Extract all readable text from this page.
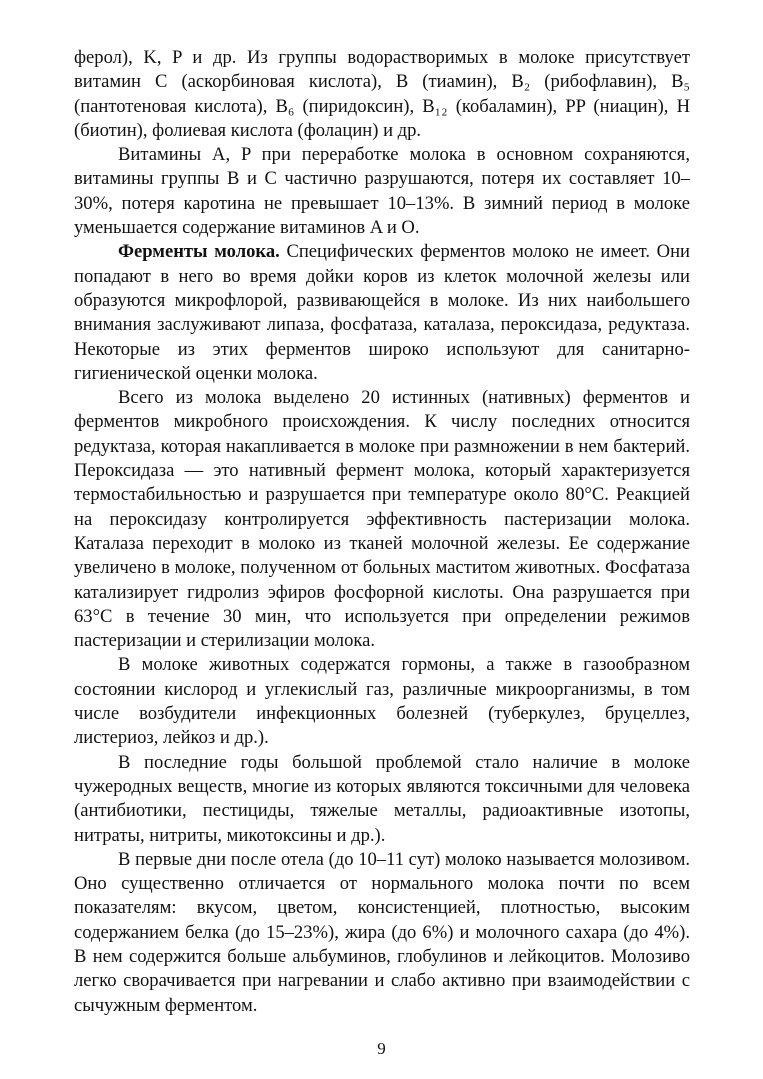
ферол), K, P и др. Из группы водорастворимых в молоке присутствует витамин C (аскорбиновая кислота), B (тиамин), B₂ (рибофлавин), B₅ (пантотеновая кислота), B₆ (пиридоксин), B₁₂ (кобаламин), PP (ниацин), H (биотин), фолиевая кислота (фолацин) и др.

Витамины A, P при переработке молока в основном сохраняются, витамины группы B и C частично разрушаются, потеря их составляет 10–30%, потеря каротина не превышает 10–13%. В зимний период в молоке уменьшается содержание витаминов A и O.

Ферменты молока. Специфических ферментов молоко не имеет. Они попадают в него во время дойки коров из клеток молочной железы или образуются микрофлорой, развивающейся в молоке. Из них наибольшего внимания заслуживают липаза, фосфатаза, каталаза, пероксидаза, редуктаза. Некоторые из этих ферментов широко используют для санитарно-гигиенической оценки молока.

Всего из молока выделено 20 истинных (нативных) ферментов и ферментов микробного происхождения. К числу последних относится редуктаза, которая накапливается в молоке при размножении в нем бактерий. Пероксидаза — это нативный фермент молока, который характеризуется термостабильностью и разрушается при температуре около 80°С. Реакцией на пероксидазу контролируется эффективность пастеризации молока. Каталаза переходит в молоко из тканей молочной железы. Ее содержание увеличено в молоке, полученном от больных маститом животных. Фосфатаза катализирует гидролиз эфиров фосфорной кислоты. Она разрушается при 63°С в течение 30 мин, что используется при определении режимов пастеризации и стерилизации молока.

В молоке животных содержатся гормоны, а также в газообразном состоянии кислород и углекислый газ, различные микроорганизмы, в том числе возбудители инфекционных болезней (туберкулез, бруцеллез, листериоз, лейкоз и др.).

В последние годы большой проблемой стало наличие в молоке чужеродных веществ, многие из которых являются токсичными для человека (антибиотики, пестициды, тяжелые металлы, радиоактивные изотопы, нитраты, нитриты, микотоксины и др.).

В первые дни после отела (до 10–11 сут) молоко называется молозивом. Оно существенно отличается от нормального молока почти по всем показателям: вкусом, цветом, консистенцией, плотностью, высоким содержанием белка (до 15–23%), жира (до 6%) и молочного сахара (до 4%). В нем содержится больше альбуминов, глобулинов и лейкоцитов. Молозиво легко сворачивается при нагревании и слабо активно при взаимодействии с сычужным ферментом.

9
